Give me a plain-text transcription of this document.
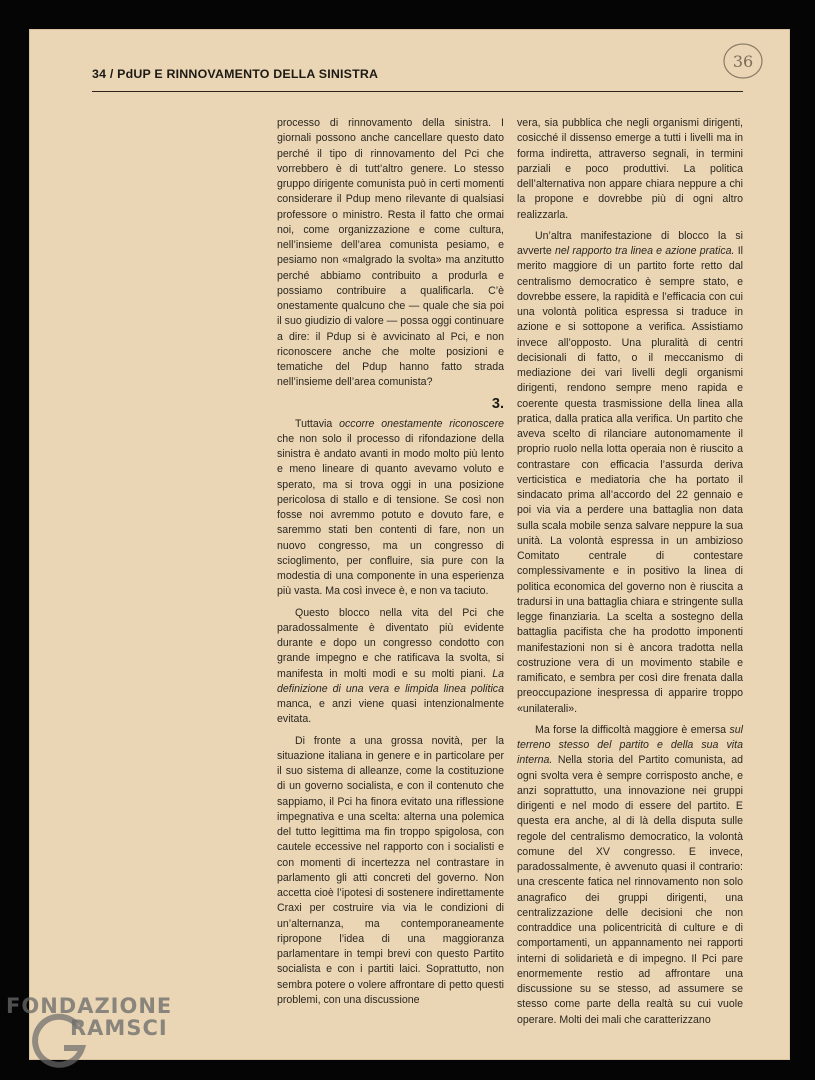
34 / PdUP E RINNOVAMENTO DELLA SINISTRA
36

processo di rinnovamento della sinistra. I giornali possono anche cancellare questo dato perché il tipo di rinnovamento del Pci che vorrebbero è di tutt’altro genere. Lo stesso gruppo dirigente comunista può in certi momenti considerare il Pdup meno rilevante di qualsiasi professore o ministro. Resta il fatto che ormai noi, come organizzazione e come cultura, nell’insieme dell’area comunista pesiamo, e pesiamo non «malgrado la svolta» ma anzitutto perché abbiamo contribuito a produrla e possiamo contribuire a qualificarla. C’è onestamente qualcuno che — quale che sia poi il suo giudizio di valore — possa oggi continuare a dire: il Pdup si è avvicinato al Pci, e non riconoscere anche che molte posizioni e tematiche del Pdup hanno fatto strada nell’insieme dell’area comunista?

3.

Tuttavia occorre onestamente riconoscere che non solo il processo di rifondazione della sinistra è andato avanti in modo molto più lento e meno lineare di quanto avevamo voluto e sperato, ma si trova oggi in una posizione pericolosa di stallo e di tensione. Se così non fosse noi avremmo potuto e dovuto fare, e saremmo stati ben contenti di fare, non un nuovo congresso, ma un congresso di scioglimento, per confluire, sia pure con la modestia di una componente in una esperienza più vasta. Ma così invece è, e non va taciuto.

Questo blocco nella vita del Pci che paradossalmente è diventato più evidente durante e dopo un congresso condotto con grande impegno e che ratificava la svolta, si manifesta in molti modi e su molti piani. La definizione di una vera e limpida linea politica manca, e anzi viene quasi intenzionalmente evitata.

Di fronte a una grossa novità, per la situazione italiana in genere e in particolare per il suo sistema di alleanze, come la costituzione di un governo socialista, e con il contenuto che sappiamo, il Pci ha finora evitato una riflessione impegnativa e una scelta: alterna una polemica del tutto legittima ma fin troppo spigolosa, con cautele eccessive nel rapporto con i socialisti e con momenti di incertezza nel contrastare in parlamento gli atti concreti del governo. Non accetta cioè l’ipotesi di sostenere indirettamente Craxi per costruire via via le condizioni di un’alternanza, ma contemporaneamente ripropone l’idea di una maggioranza parlamentare in tempi brevi con questo Partito socialista e con i partiti laici. Soprattutto, non sembra potere o volere affrontare di petto questi problemi, con una discussione

vera, sia pubblica che negli organismi dirigenti, cosicché il dissenso emerge a tutti i livelli ma in forma indiretta, attraverso segnali, in termini parziali e poco produttivi. La politica dell’alternativa non appare chiara neppure a chi la propone e dovrebbe più di ogni altro realizzarla.

Un’altra manifestazione di blocco la si avverte nel rapporto tra linea e azione pratica. Il merito maggiore di un partito forte retto dal centralismo democratico è sempre stato, e dovrebbe essere, la rapidità e l’efficacia con cui una volontà politica espressa si traduce in azione e si sottopone a verifica. Assistiamo invece all’opposto. Una pluralità di centri decisionali di fatto, o il meccanismo di mediazione dei vari livelli degli organismi dirigenti, rendono sempre meno rapida e coerente questa trasmissione della linea alla pratica, dalla pratica alla verifica. Un partito che aveva scelto di rilanciare autonomamente il proprio ruolo nella lotta operaia non è riuscito a contrastare con efficacia l’assurda deriva verticistica e mediatoria che ha portato il sindacato prima all’accordo del 22 gennaio e poi via via a perdere una battaglia non data sulla scala mobile senza salvare neppure la sua unità. La volontà espressa in un ambizioso Comitato centrale di contestare complessivamente e in positivo la linea di politica economica del governo non è riuscita a tradursi in una battaglia chiara e stringente sulla legge finanziaria. La scelta a sostegno della battaglia pacifista che ha prodotto imponenti manifestazioni non si è ancora tradotta nella costruzione vera di un movimento stabile e ramificato, e sembra per così dire frenata dalla preoccupazione inespressa di apparire troppo «unilaterali».

Ma forse la difficoltà maggiore è emersa sul terreno stesso del partito e della sua vita interna. Nella storia del Partito comunista, ad ogni svolta vera è sempre corrisposto anche, e anzi soprattutto, una innovazione nei gruppi dirigenti e nel modo di essere del partito. E questa era anche, al di là della disputa sulle regole del centralismo democratico, la volontà comune del XV congresso. E invece, paradossalmente, è avvenuto quasi il contrario: una crescente fatica nel rinnovamento non solo anagrafico dei gruppi dirigenti, una centralizzazione delle decisioni che non contraddice una policentricità di culture e di comportamenti, un appannamento nei rapporti interni di solidarietà e di impegno. Il Pci pare enormemente restio ad affrontare una discussione su se stesso, ad assumere se stesso come parte della realtà su cui vuole operare. Molti dei mali che caratterizzano

G
FONDAZIONE
RAMSCI
